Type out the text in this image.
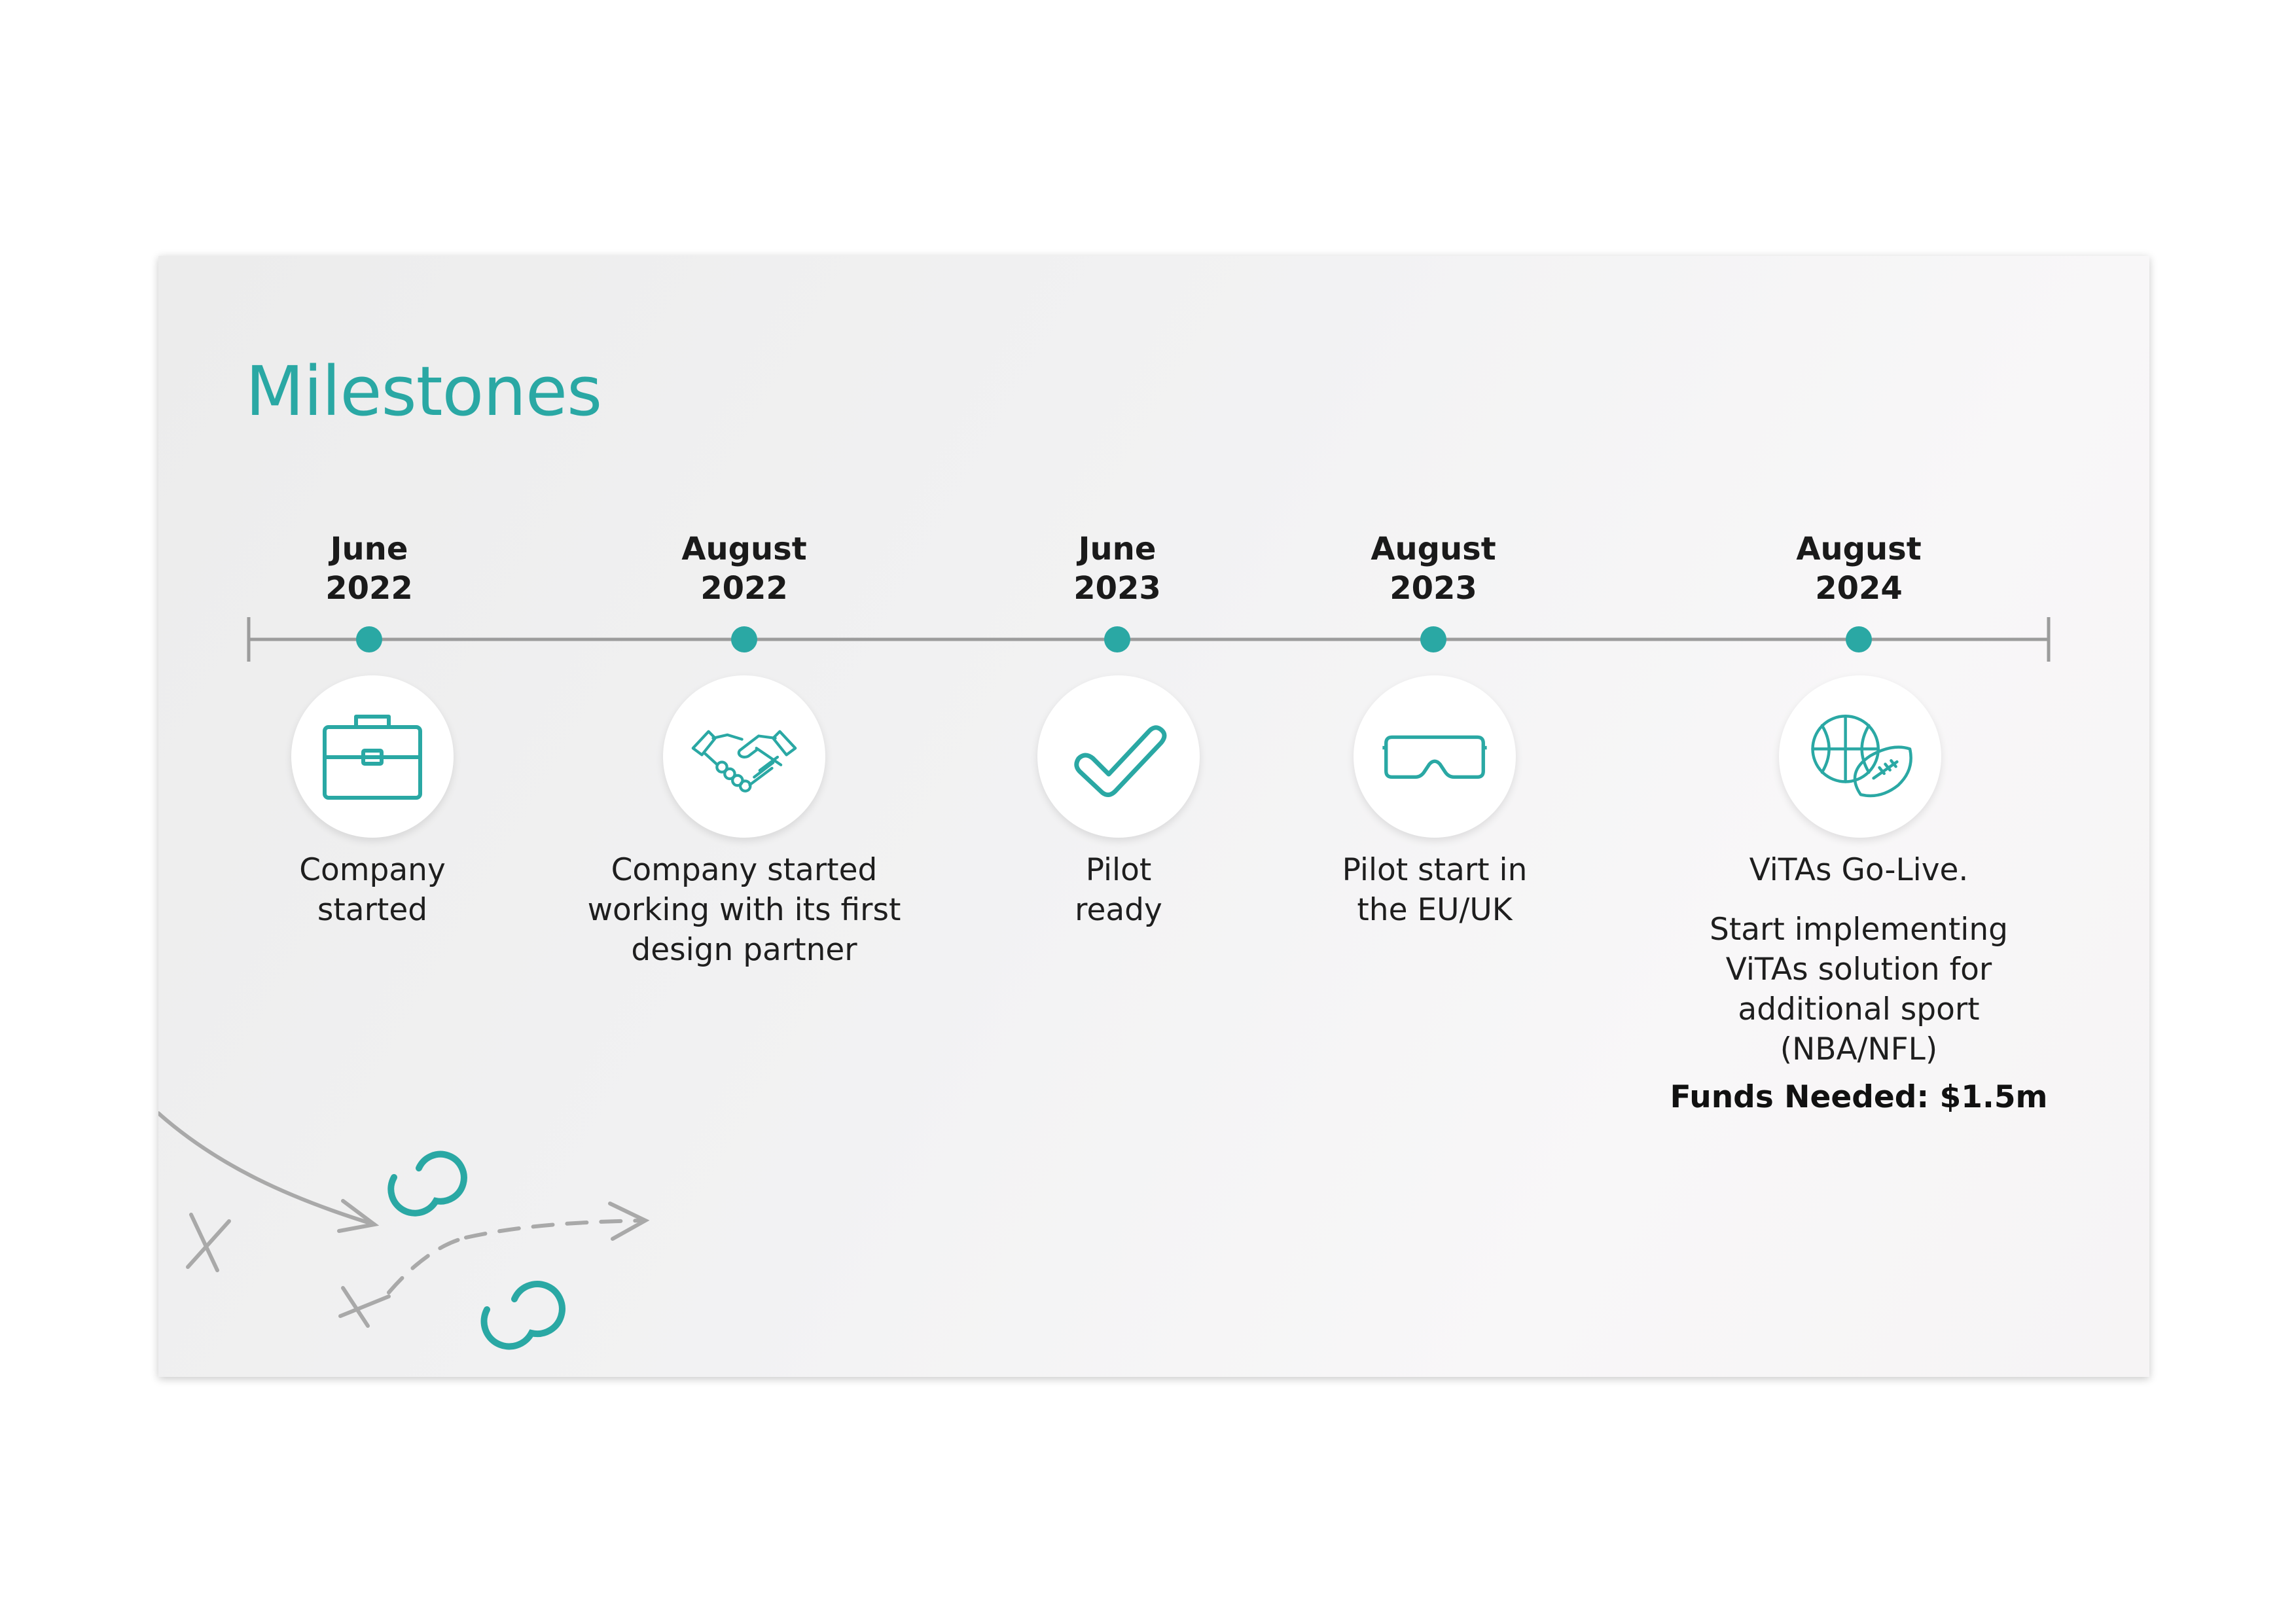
Milestones
June
2022
Company
started
August
2022
Company started
working with its first
design partner
June
2023
Pilot
ready
August
2023
Pilot start in
the EU/UK
August
2024
ViTAs Go-Live.
Start implementing
ViTAs solution for
additional sport (NBA/NFL)
Funds Needed: $1.5m
